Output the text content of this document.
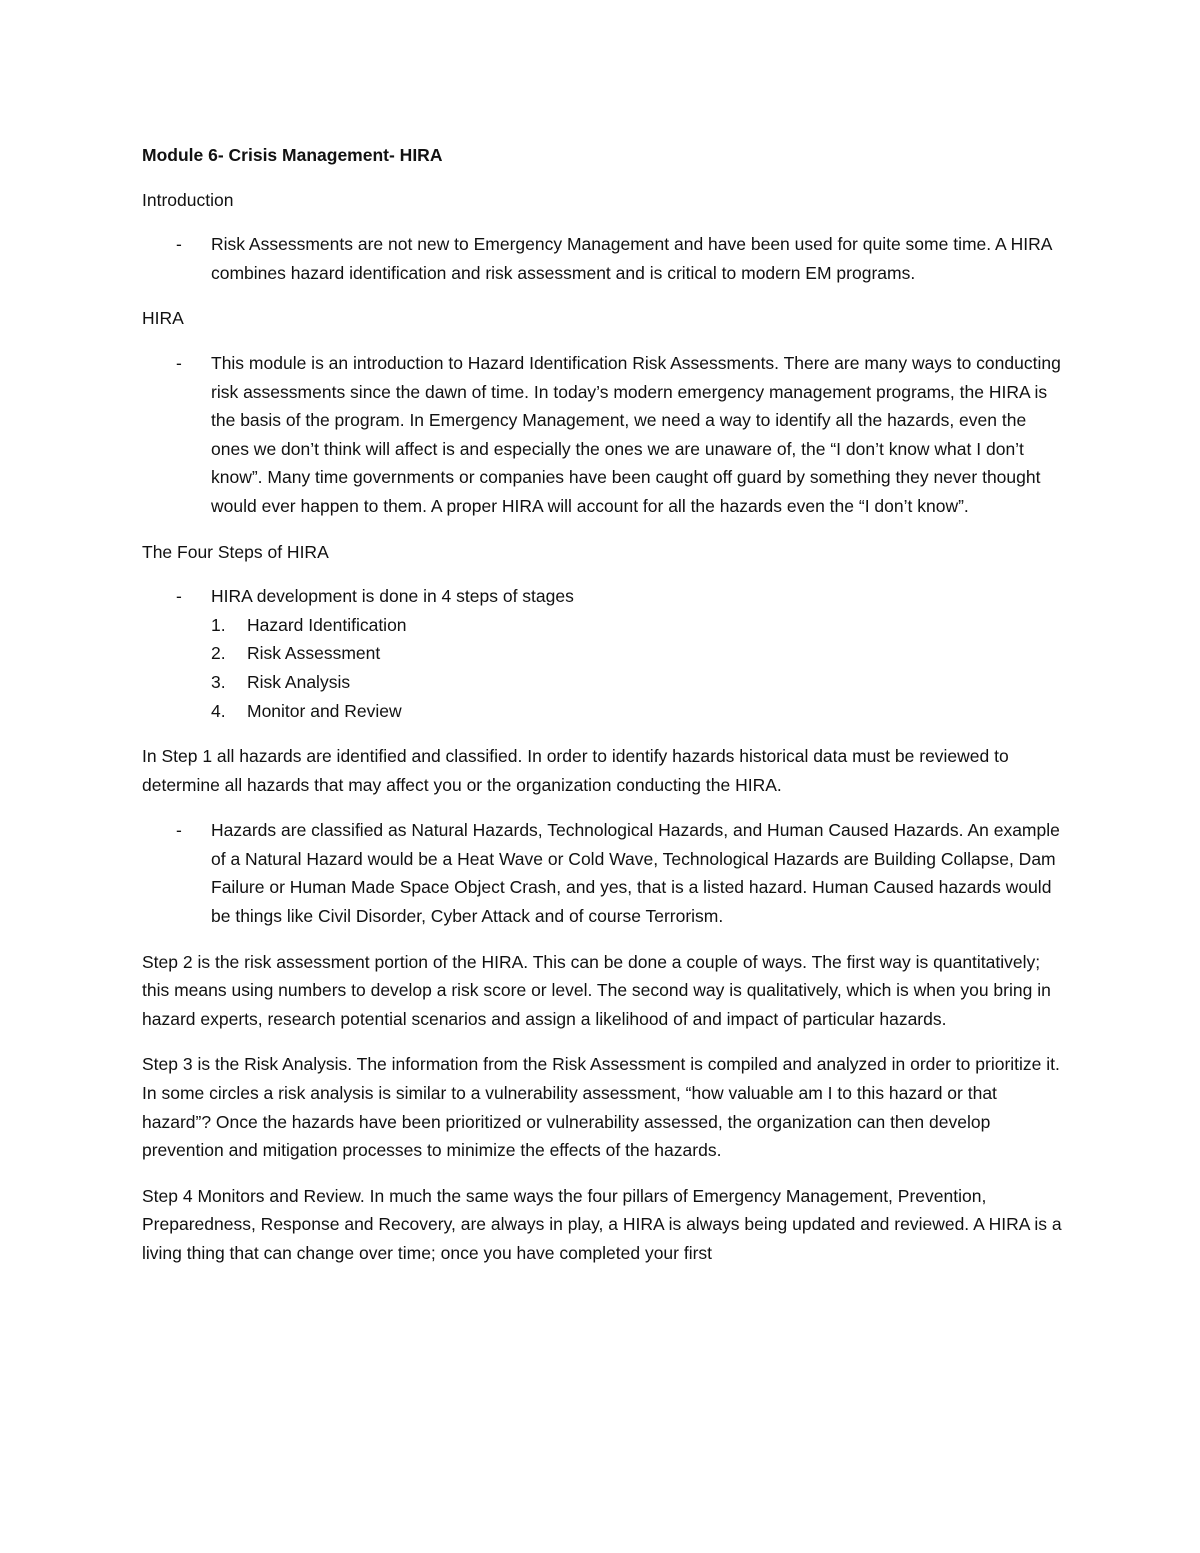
Module 6- Crisis Management- HIRA
Introduction
- Risk Assessments are not new to Emergency Management and have been used for quite some time. A HIRA combines hazard identification and risk assessment and is critical to modern EM programs.
HIRA
- This module is an introduction to Hazard Identification Risk Assessments. There are many ways to conducting risk assessments since the dawn of time. In today’s modern emergency management programs, the HIRA is the basis of the program. In Emergency Management, we need a way to identify all the hazards, even the ones we don’t think will affect is and especially the ones we are unaware of, the “I don’t know what I don’t know”. Many time governments or companies have been caught off guard by something they never thought would ever happen to them. A proper HIRA will account for all the hazards even the “I don’t know”.
The Four Steps of HIRA
- HIRA development is done in 4 steps of stages
1. Hazard Identification
2. Risk Assessment
3. Risk Analysis
4. Monitor and Review
In Step 1 all hazards are identified and classified. In order to identify hazards historical data must be reviewed to determine all hazards that may affect you or the organization conducting the HIRA.
- Hazards are classified as Natural Hazards, Technological Hazards, and Human Caused Hazards. An example of a Natural Hazard would be a Heat Wave or Cold Wave, Technological Hazards are Building Collapse, Dam Failure or Human Made Space Object Crash, and yes, that is a listed hazard. Human Caused hazards would be things like Civil Disorder, Cyber Attack and of course Terrorism.
Step 2 is the risk assessment portion of the HIRA. This can be done a couple of ways. The first way is quantitatively; this means using numbers to develop a risk score or level. The second way is qualitatively, which is when you bring in hazard experts, research potential scenarios and assign a likelihood of and impact of particular hazards.
Step 3 is the Risk Analysis. The information from the Risk Assessment is compiled and analyzed in order to prioritize it. In some circles a risk analysis is similar to a vulnerability assessment, “how valuable am I to this hazard or that hazard”? Once the hazards have been prioritized or vulnerability assessed, the organization can then develop prevention and mitigation processes to minimize the effects of the hazards.
Step 4 Monitors and Review. In much the same ways the four pillars of Emergency Management, Prevention, Preparedness, Response and Recovery, are always in play, a HIRA is always being updated and reviewed. A HIRA is a living thing that can change over time; once you have completed your first
